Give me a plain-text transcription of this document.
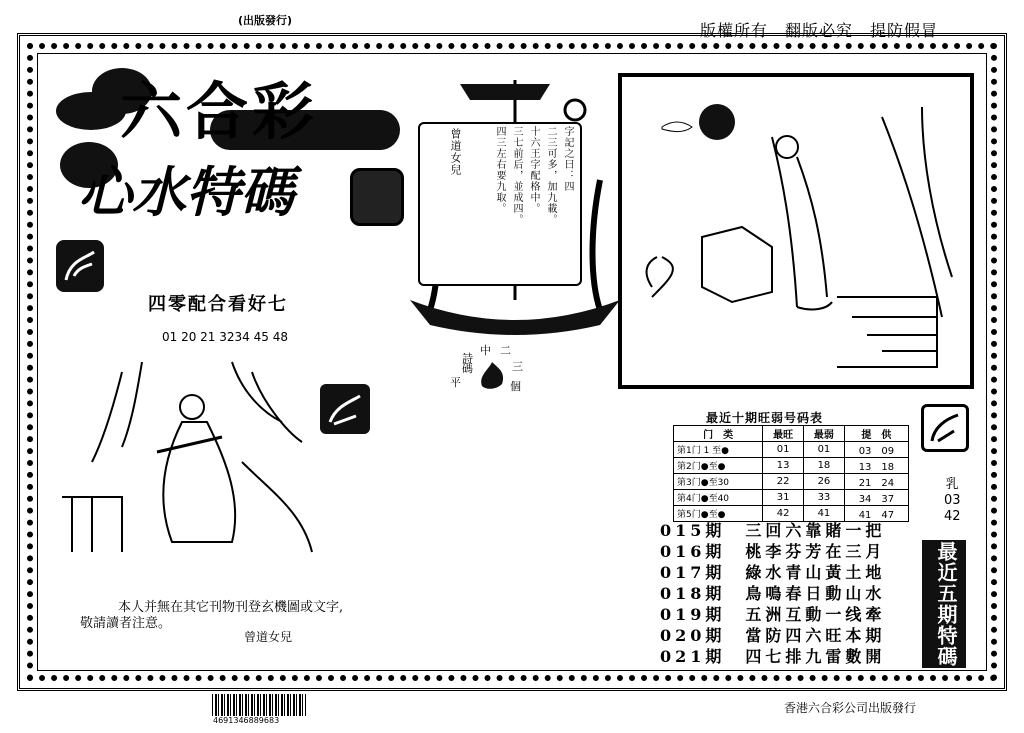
(出版發行)
版權所有　翻版必究　提防假冒
六合彩
心水特碼
四零配合看好七
01 20 21 3234 45 48
曾道女兒	字記之曰：四
二三可多，加九載。
十六王字配格中。
三七前后，並成四。
四三左右要九取。
詩
中 二
三
平
碼
個
本人并無在其它刊物刊登玄機圖或文字,
敬請讀者注意。
曾道女兒
最近十期旺弱号码表
门　类	最旺	最弱	提　供
第1门 1 至●	01	01	03　09
第2门●至●	13	18	13　18
第3门●至30	22	26	21　24
第4门●至40	31	33	34　37
第5门●至●	42	41	41　47
乳
03
42
015期　 三回六靠賭一把
016期　 桃李芬芳在三月
017期　 綠水青山黃土地
018期　 鳥鳴春日動山水
019期　 五洲互動一线牽
020期　 當防四六旺本期
021期　 四七排九雷數開	最近五期特碼詩
4691346889683
香港六合彩公司出版發行
